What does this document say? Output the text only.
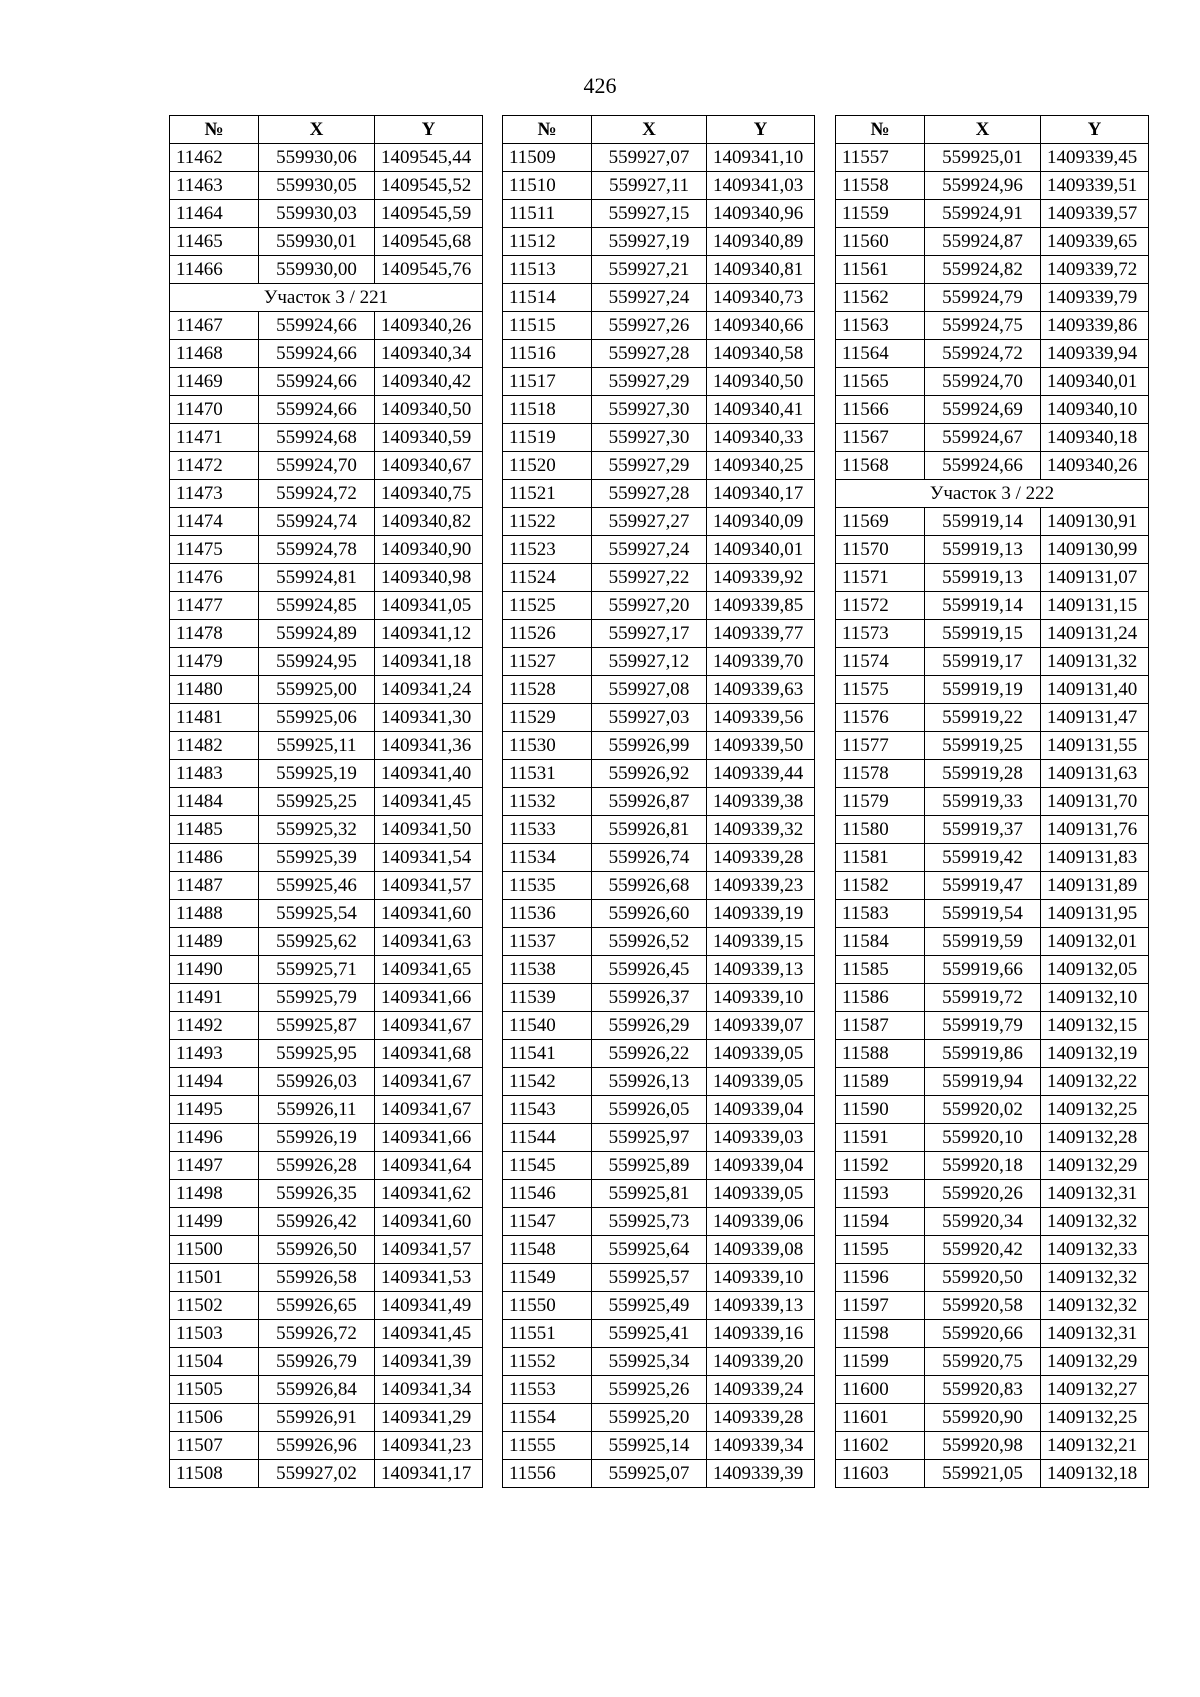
426
№	X	Y
11462	559930,06	1409545,44
11463	559930,05	1409545,52
11464	559930,03	1409545,59
11465	559930,01	1409545,68
11466	559930,00	1409545,76
Участок 3 / 221		
11467	559924,66	1409340,26
11468	559924,66	1409340,34
11469	559924,66	1409340,42
11470	559924,66	1409340,50
11471	559924,68	1409340,59
11472	559924,70	1409340,67
11473	559924,72	1409340,75
11474	559924,74	1409340,82
11475	559924,78	1409340,90
11476	559924,81	1409340,98
11477	559924,85	1409341,05
11478	559924,89	1409341,12
11479	559924,95	1409341,18
11480	559925,00	1409341,24
11481	559925,06	1409341,30
11482	559925,11	1409341,36
11483	559925,19	1409341,40
11484	559925,25	1409341,45
11485	559925,32	1409341,50
11486	559925,39	1409341,54
11487	559925,46	1409341,57
11488	559925,54	1409341,60
11489	559925,62	1409341,63
11490	559925,71	1409341,65
11491	559925,79	1409341,66
11492	559925,87	1409341,67
11493	559925,95	1409341,68
11494	559926,03	1409341,67
11495	559926,11	1409341,67
11496	559926,19	1409341,66
11497	559926,28	1409341,64
11498	559926,35	1409341,62
11499	559926,42	1409341,60
11500	559926,50	1409341,57
11501	559926,58	1409341,53
11502	559926,65	1409341,49
11503	559926,72	1409341,45
11504	559926,79	1409341,39
11505	559926,84	1409341,34
11506	559926,91	1409341,29
11507	559926,96	1409341,23
11508	559927,02	1409341,17
№	X	Y
11509	559927,07	1409341,10
11510	559927,11	1409341,03
11511	559927,15	1409340,96
11512	559927,19	1409340,89
11513	559927,21	1409340,81
11514	559927,24	1409340,73
11515	559927,26	1409340,66
11516	559927,28	1409340,58
11517	559927,29	1409340,50
11518	559927,30	1409340,41
11519	559927,30	1409340,33
11520	559927,29	1409340,25
11521	559927,28	1409340,17
11522	559927,27	1409340,09
11523	559927,24	1409340,01
11524	559927,22	1409339,92
11525	559927,20	1409339,85
11526	559927,17	1409339,77
11527	559927,12	1409339,70
11528	559927,08	1409339,63
11529	559927,03	1409339,56
11530	559926,99	1409339,50
11531	559926,92	1409339,44
11532	559926,87	1409339,38
11533	559926,81	1409339,32
11534	559926,74	1409339,28
11535	559926,68	1409339,23
11536	559926,60	1409339,19
11537	559926,52	1409339,15
11538	559926,45	1409339,13
11539	559926,37	1409339,10
11540	559926,29	1409339,07
11541	559926,22	1409339,05
11542	559926,13	1409339,05
11543	559926,05	1409339,04
11544	559925,97	1409339,03
11545	559925,89	1409339,04
11546	559925,81	1409339,05
11547	559925,73	1409339,06
11548	559925,64	1409339,08
11549	559925,57	1409339,10
11550	559925,49	1409339,13
11551	559925,41	1409339,16
11552	559925,34	1409339,20
11553	559925,26	1409339,24
11554	559925,20	1409339,28
11555	559925,14	1409339,34
11556	559925,07	1409339,39
№	X	Y
11557	559925,01	1409339,45
11558	559924,96	1409339,51
11559	559924,91	1409339,57
11560	559924,87	1409339,65
11561	559924,82	1409339,72
11562	559924,79	1409339,79
11563	559924,75	1409339,86
11564	559924,72	1409339,94
11565	559924,70	1409340,01
11566	559924,69	1409340,10
11567	559924,67	1409340,18
11568	559924,66	1409340,26
Участок 3 / 222		
11569	559919,14	1409130,91
11570	559919,13	1409130,99
11571	559919,13	1409131,07
11572	559919,14	1409131,15
11573	559919,15	1409131,24
11574	559919,17	1409131,32
11575	559919,19	1409131,40
11576	559919,22	1409131,47
11577	559919,25	1409131,55
11578	559919,28	1409131,63
11579	559919,33	1409131,70
11580	559919,37	1409131,76
11581	559919,42	1409131,83
11582	559919,47	1409131,89
11583	559919,54	1409131,95
11584	559919,59	1409132,01
11585	559919,66	1409132,05
11586	559919,72	1409132,10
11587	559919,79	1409132,15
11588	559919,86	1409132,19
11589	559919,94	1409132,22
11590	559920,02	1409132,25
11591	559920,10	1409132,28
11592	559920,18	1409132,29
11593	559920,26	1409132,31
11594	559920,34	1409132,32
11595	559920,42	1409132,33
11596	559920,50	1409132,32
11597	559920,58	1409132,32
11598	559920,66	1409132,31
11599	559920,75	1409132,29
11600	559920,83	1409132,27
11601	559920,90	1409132,25
11602	559920,98	1409132,21
11603	559921,05	1409132,18
